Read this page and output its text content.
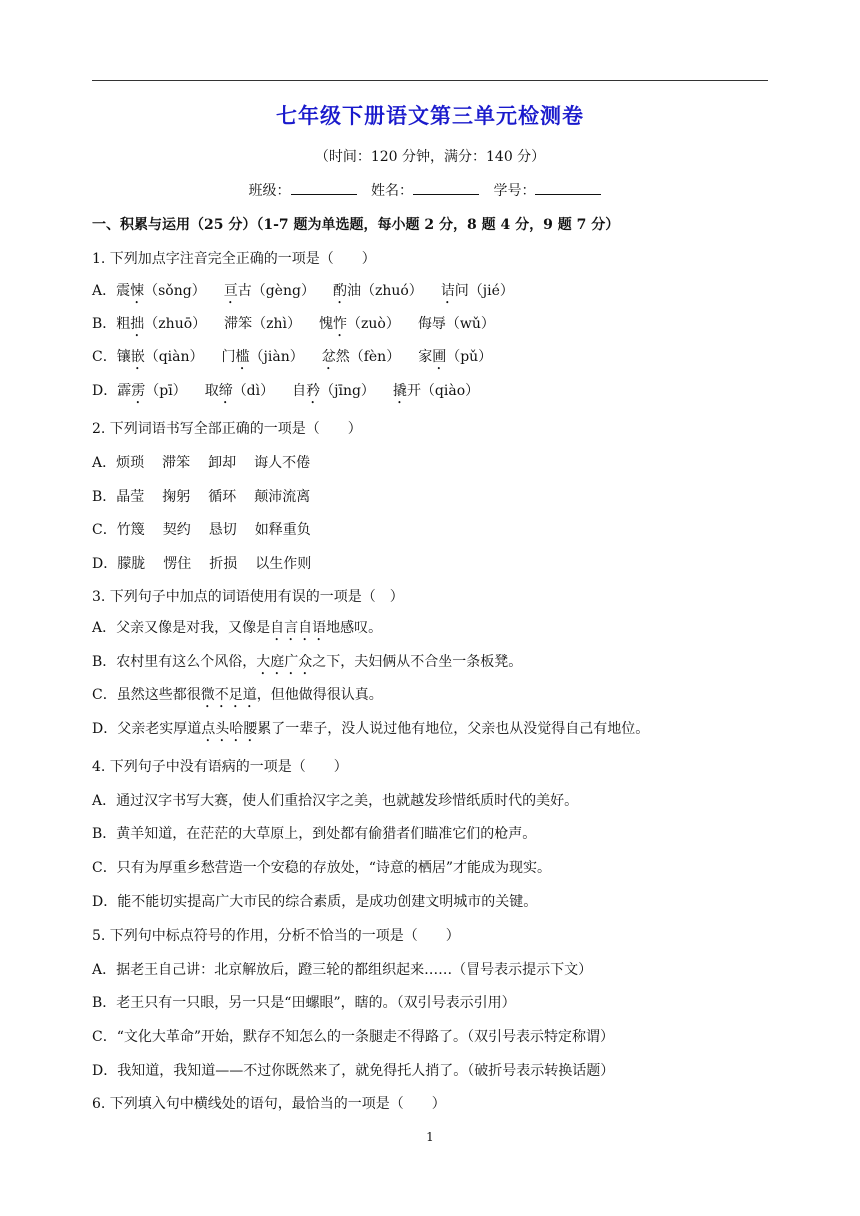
七年级下册语文第三单元检测卷
（时间：120 分钟，满分：140 分）
班级：	姓名：	学号：
一、积累与运用（25 分）（1-7 题为单选题，每小题 2 分，8 题 4 分，9 题 7 分）
1. 下列加点字注音完全正确的一项是（　　）
A．震悚（sǒng） 亘古（gèng） 酌油（zhuó） 诘问（jié）
B．粗拙（zhuō） 滞笨（zhì） 愧怍（zuò） 侮辱（wǔ）
C．镶嵌（qiàn） 门槛（jiàn） 忿然（fèn） 家圃（pǔ）
D．霹雳（pī） 取缔（dì） 自矜（jīng） 撬开（qiào）
2. 下列词语书写全部正确的一项是（　　）
A．烦琐 滞笨 卸却 诲人不倦
B．晶莹 掬躬 循环 颠沛流离
C．竹篾 契约 恳切 如释重负
D．朦胧 愣住 折损 以生作则
3. 下列句子中加点的词语使用有误的一项是（　）
A．父亲又像是对我，又像是自言自语地感叹。
B．农村里有这么个风俗，大庭广众之下，夫妇俩从不合坐一条板凳。
C．虽然这些都很微不足道，但他做得很认真。
D．父亲老实厚道点头哈腰累了一辈子，没人说过他有地位，父亲也从没觉得自己有地位。
4. 下列句子中没有语病的一项是（　　）
A．通过汉字书写大赛，使人们重拾汉字之美，也就越发珍惜纸质时代的美好。
B．黄羊知道，在茫茫的大草原上，到处都有偷猎者们瞄准它们的枪声。
C．只有为厚重乡愁营造一个安稳的存放处，“诗意的栖居”才能成为现实。
D．能不能切实提高广大市民的综合素质，是成功创建文明城市的关键。
5. 下列句中标点符号的作用，分析不恰当的一项是（　　）
A．据老王自己讲：北京解放后，蹬三轮的都组织起来……（冒号表示提示下文）
B．老王只有一只眼，另一只是“田螺眼”，瞎的。（双引号表示引用）
C．“文化大革命”开始，默存不知怎么的一条腿走不得路了。（双引号表示特定称谓）
D．我知道，我知道——不过你既然来了，就免得托人捎了。（破折号表示转换话题）
6. 下列填入句中横线处的语句，最恰当的一项是（　　）
1
